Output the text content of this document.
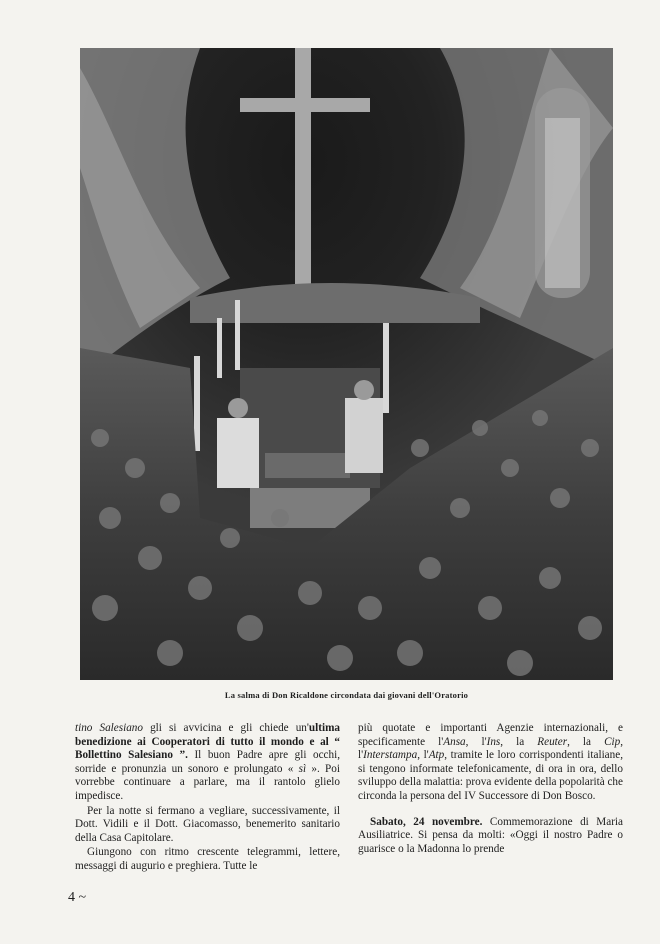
La salma di Don Ricaldone circondata dai giovani dell'Oratorio

tino Salesiano gli si avvicina e gli chiede un'ultima benedizione ai Cooperatori di tutto il mondo e al “ Bollettino Salesiano ”. Il buon Padre apre gli occhi, sorride e pronunzia un sonoro e prolungato « sì ». Poi vorrebbe continuare a parlare, ma il rantolo glielo impedisce.

Per la notte si fermano a vegliare, successivamente, il Dott. Vidili e il Dott. Giacomasso, benemerito sanitario della Casa Capitolare.

Giungono con ritmo crescente telegrammi, lettere, messaggi di augurio e preghiera. Tutte le

più quotate e importanti Agenzie internazionali, e specificamente l'Ansa, l'Ins, la Reuter, la Cip, l'Interstampa, l'Atp, tramite le loro corrispondenti italiane, si tengono informate telefonicamente, di ora in ora, dello sviluppo della malattia: prova evidente della popolarità che circonda la persona del IV Successore di Don Bosco.

Sabato, 24 novembre. Commemorazione di Maria Ausiliatrice. Si pensa da molti: «Oggi il nostro Padre o guarisce o la Madonna lo prende

4 ~
